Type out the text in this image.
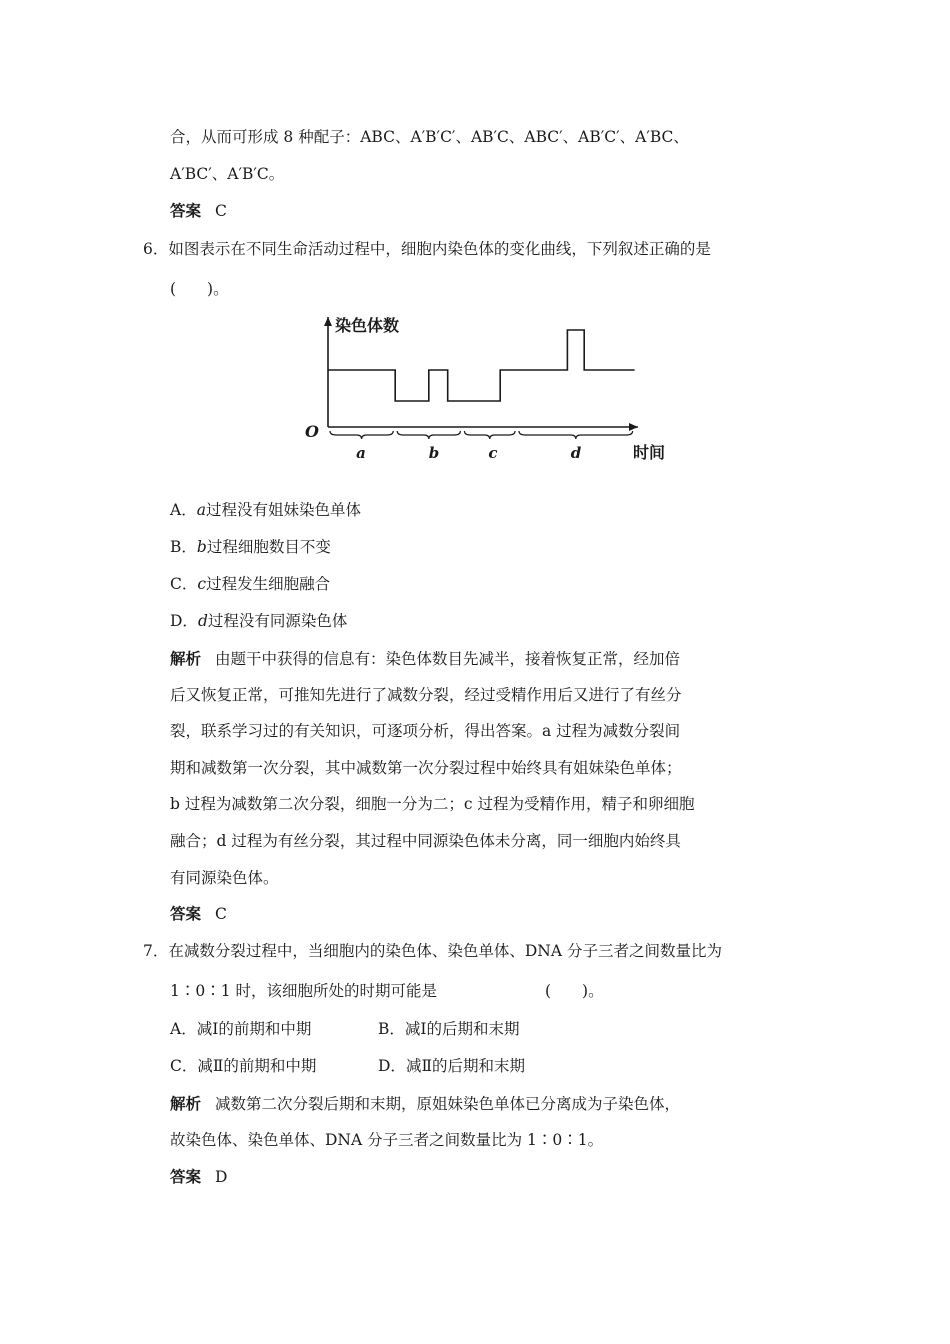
合，从而可形成 8 种配子：ABC、A′B′C′、AB′C、ABC′、AB′C′、A′BC、
A′BC′、A′B′C。
答案 C
6．如图表示在不同生命活动过程中，细胞内染色体的变化曲线，下列叙述正确的是
(　　)。
染色体数
O
时间
a	b	c	d
A．a过程没有姐妹染色单体
B．b过程细胞数目不变
C．c过程发生细胞融合
D．d过程没有同源染色体
解析 由题干中获得的信息有：染色体数目先减半，接着恢复正常，经加倍
后又恢复正常，可推知先进行了减数分裂，经过受精作用后又进行了有丝分
裂，联系学习过的有关知识，可逐项分析，得出答案。a 过程为减数分裂间
期和减数第一次分裂，其中减数第一次分裂过程中始终具有姐妹染色单体；
b 过程为减数第二次分裂，细胞一分为二；c 过程为受精作用，精子和卵细胞
融合；d 过程为有丝分裂，其过程中同源染色体未分离，同一细胞内始终具
有同源染色体。
答案 C
7．在减数分裂过程中，当细胞内的染色体、染色单体、DNA 分子三者之间数量比为
1∶0∶1 时，该细胞所处的时期可能是	(　　)。
A．减Ⅰ的前期和中期	B．减Ⅰ的后期和末期
C．减Ⅱ的前期和中期	D．减Ⅱ的后期和末期
解析 减数第二次分裂后期和末期，原姐妹染色单体已分离成为子染色体，
故染色体、染色单体、DNA 分子三者之间数量比为 1∶0∶1。
答案 D
